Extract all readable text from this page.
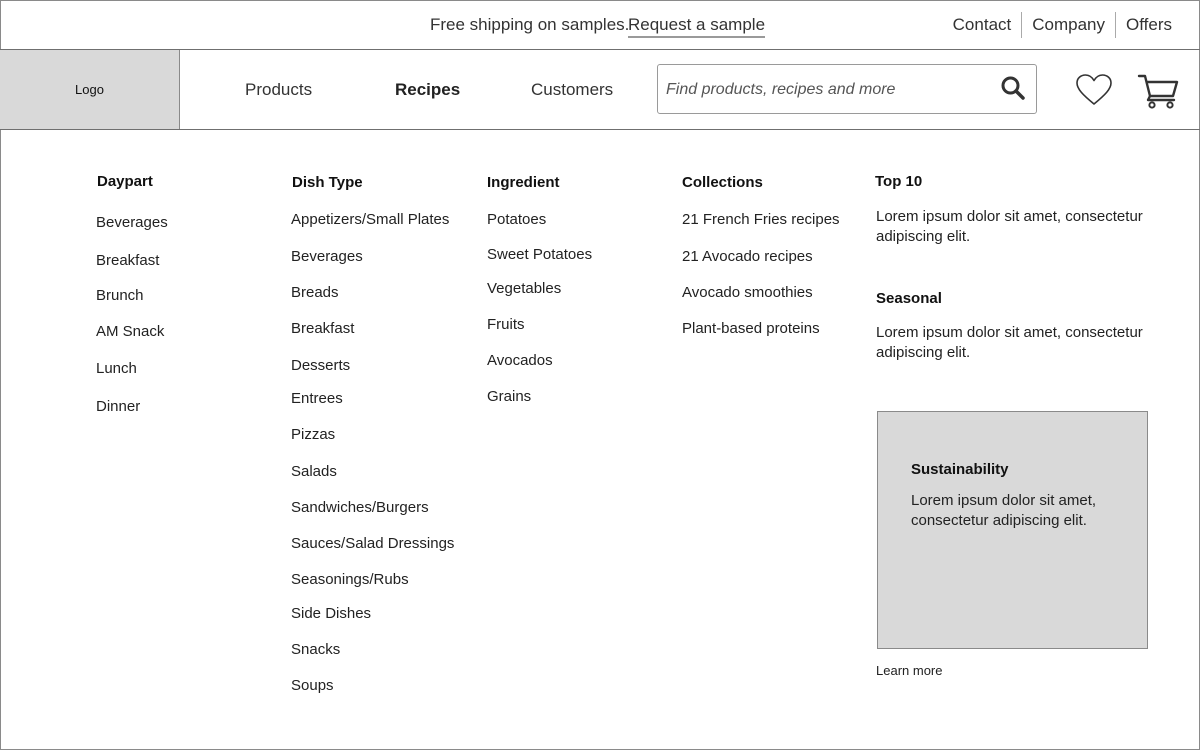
Free shipping on samples.
Request a sample	Contact	Company	Offers
Logo	Products	Recipes	Customers
Find products, recipes and more
Daypart
Beverages
Breakfast
Brunch
AM Snack
Lunch
Dinner
Dish Type
Appetizers/Small Plates
Beverages
Breads
Breakfast
Desserts
Entrees
Pizzas
Salads
Sandwiches/Burgers
Sauces/Salad Dressings
Seasonings/Rubs
Side Dishes
Snacks
Soups
Ingredient
Potatoes
Sweet Potatoes
Vegetables
Fruits
Avocados
Grains
Collections
21 French Fries recipes
21 Avocado recipes
Avocado smoothies
Plant-based proteins
Top 10
Lorem ipsum dolor sit amet, consectetur adipiscing elit.
Seasonal
Lorem ipsum dolor sit amet, consectetur adipiscing elit.
Sustainability
Lorem ipsum dolor sit amet, consectetur adipiscing elit.
Learn more
